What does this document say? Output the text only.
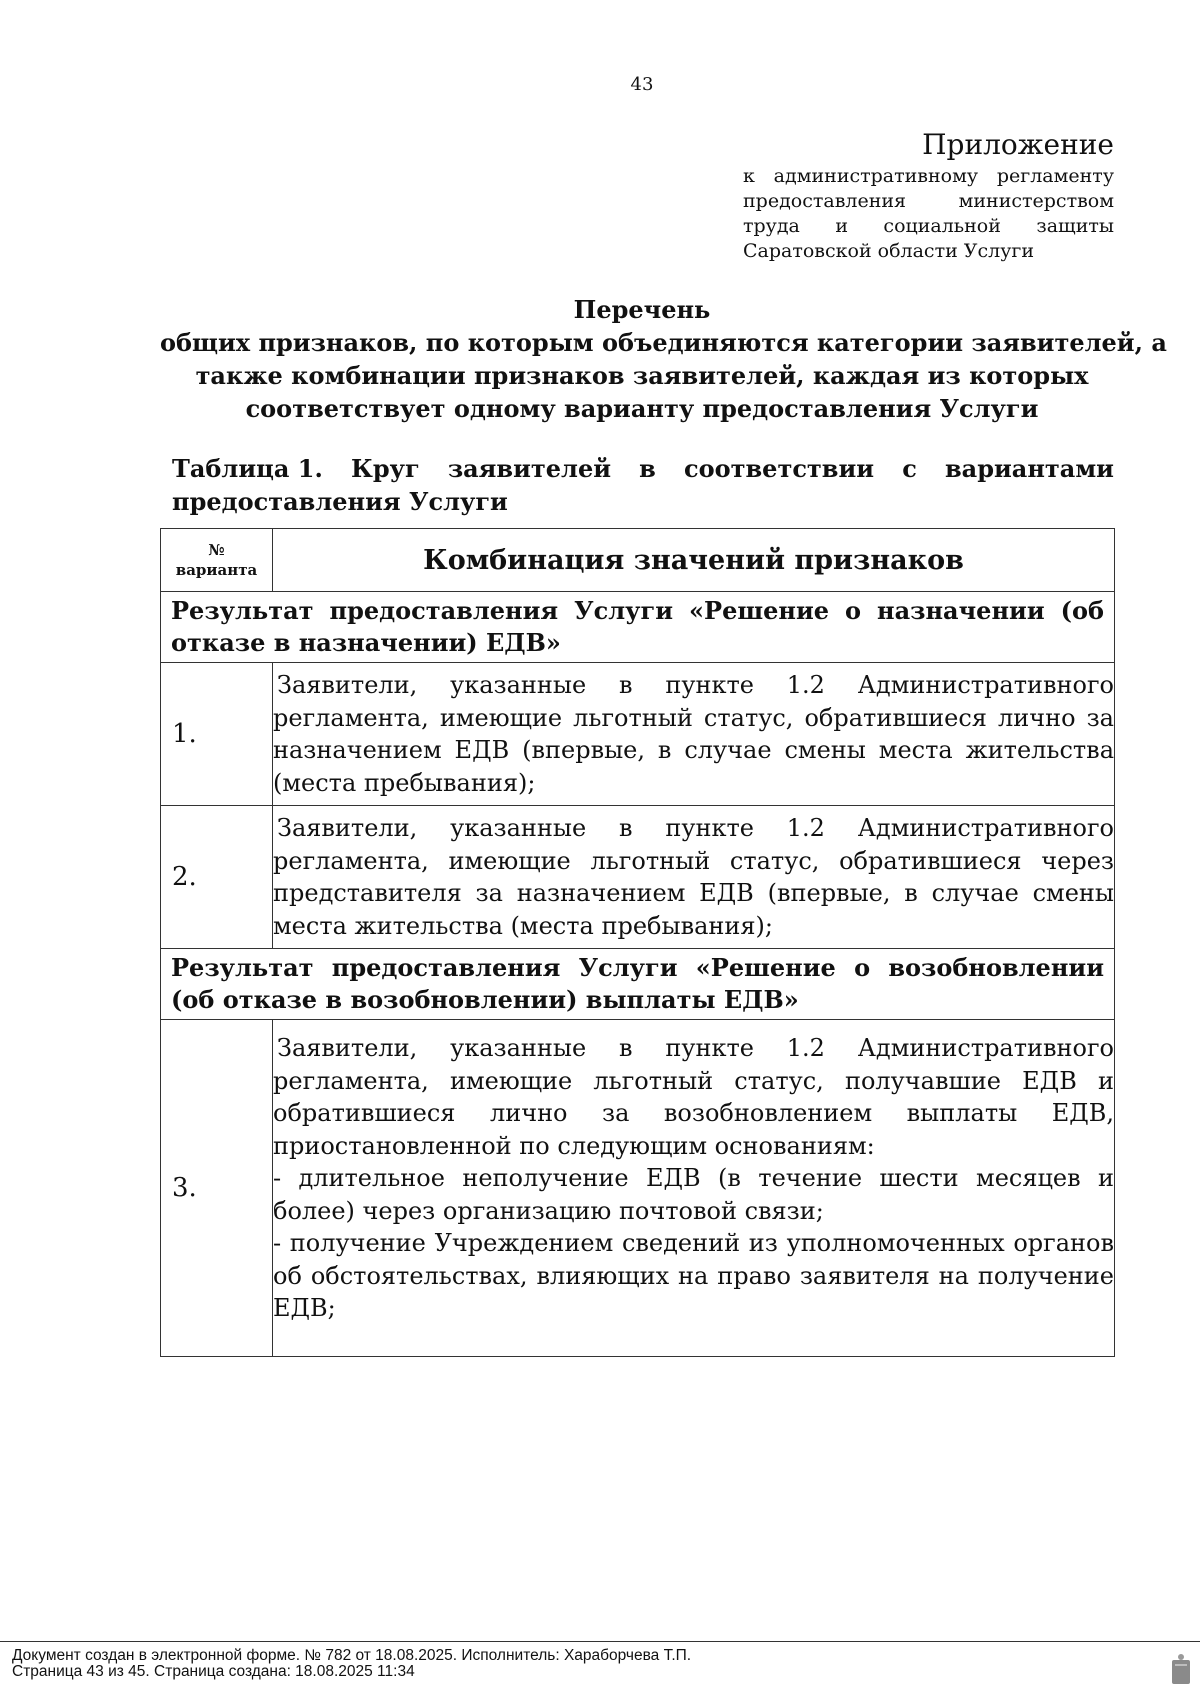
43
Приложение
к административному регламенту предоставления министерством труда и социальной защиты Саратовской области Услуги
Перечень
общих признаков, по которым объединяются категории заявителей, а
также комбинации признаков заявителей, каждая из которых
соответствует одному варианту предоставления Услуги
Таблица 1. Круг заявителей в соответствии с вариантами
предоставления Услуги
№
варианта	Комбинация значений признаков
Результат предоставления Услуги «Решение о назначении (об отказе в назначении) ЕДВ»	
1.	Заявители, указанные в пункте 1.2 Административного регламента, имеющие льготный статус, обратившиеся лично за назначением ЕДВ (впервые, в случае смены места жительства (места пребывания);

2.	Заявители, указанные в пункте 1.2 Административного регламента, имеющие льготный статус, обратившиеся через представителя за назначением ЕДВ (впервые, в случае смены места жительства (места пребывания);

Результат предоставления Услуги «Решение о возобновлении (об отказе в возобновлении) выплаты ЕДВ»	
3.	Заявители, указанные в пункте 1.2 Административного регламента, имеющие льготный статус, получавшие ЕДВ и обратившиеся лично за возобновлением выплаты ЕДВ, приостановленной по следующим основаниям:

- длительное неполучение ЕДВ (в течение шести месяцев и более) через организацию почтовой связи;

- получение Учреждением сведений из уполномоченных органов об обстоятельствах, влияющих на право заявителя на получение ЕДВ;

Документ создан в электронной форме. № 782 от 18.08.2025. Исполнитель: Хараборчева Т.П.
Страница 43 из 45. Страница создана: 18.08.2025 11:34
